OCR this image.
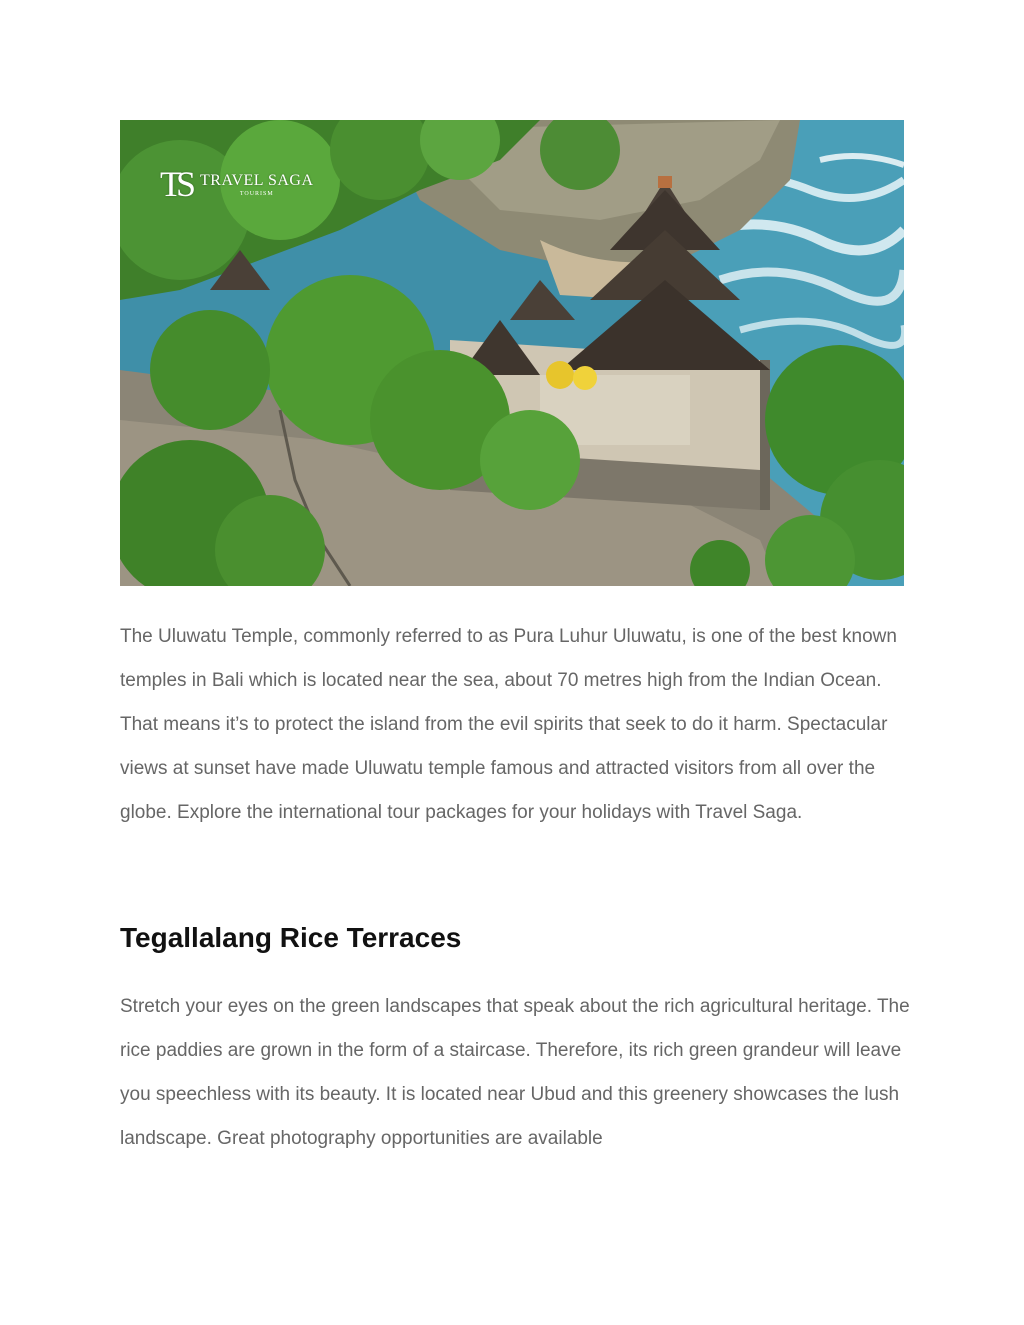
TS TRAVEL SAGA
TOURISM

The Uluwatu Temple, commonly referred to as Pura Luhur Uluwatu, is one of the best known temples in Bali which is located near the sea, about 70 metres high from the Indian Ocean. That means it’s to protect the island from the evil spirits that seek to do it harm. Spectacular views at sunset have made Uluwatu temple famous and attracted visitors from all over the globe. Explore the international tour packages for your holidays with Travel Saga.

Tegallalang Rice Terraces

Stretch your eyes on the green landscapes that speak about the rich agricultural heritage. The rice paddies are grown in the form of a staircase. Therefore, its rich green grandeur will leave you speechless with its beauty. It is located near Ubud and this greenery showcases the lush landscape. Great photography opportunities are available
